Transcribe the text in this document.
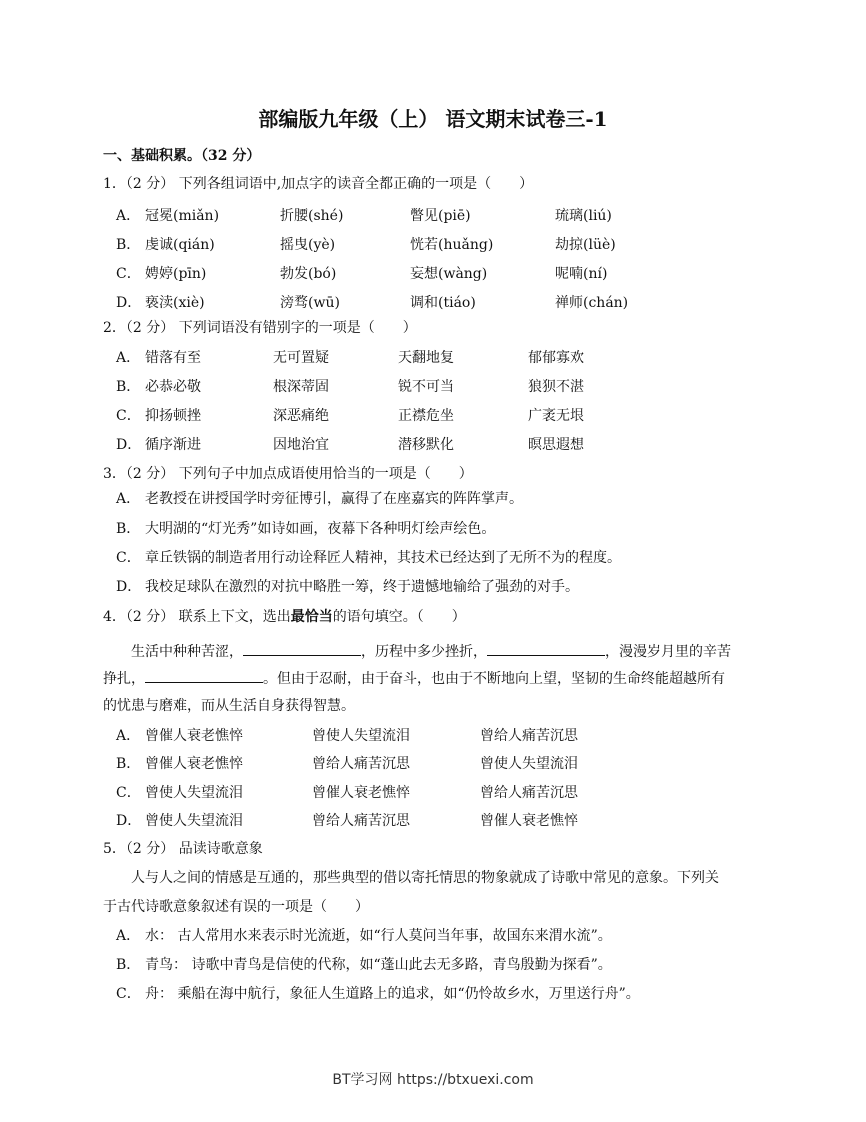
部编版九年级（上） 语文期末试卷三-1
一、基础积累。（32 分）
1．（2 分） 下列各组词语中,加点字的读音全都正确的一项是（　　）
A． 冠冕(miǎn)	折腰(shé)	瞥见(piē)	琉璃(liú)
B． 虔诚(qián)	摇曳(yè)	恍若(huǎng)	劫掠(lüè)
C． 娉婷(pīn)	勃发(bó)	妄想(wàng)	呢喃(ní)
D． 亵渎(xiè)	滂骛(wū)	调和(tiáo)	禅师(chán)
2．（2 分） 下列词语没有错别字的一项是（　　）
A． 错落有至	无可置疑	天翻地复	郁郁寡欢
B． 必恭必敬	根深蒂固	锐不可当	狼狈不湛
C． 抑扬顿挫	深恶痛绝	正襟危坐	广袤无垠
D． 循序渐进	因地治宜	潜移默化	暝思遐想
3．（2 分） 下列句子中加点成语使用恰当的一项是（　　）
A． 老教授在讲授国学时旁征博引，赢得了在座嘉宾的阵阵掌声。
B． 大明湖的“灯光秀”如诗如画，夜幕下各种明灯绘声绘色。
C． 章丘铁锅的制造者用行动诠释匠人精神，其技术已经达到了无所不为的程度。
D． 我校足球队在激烈的对抗中略胜一筹，终于遗憾地输给了强劲的对手。
4．（2 分） 联系上下文，选出最恰当的语句填空。（　　）
生活中种种苦涩，	，历程中多少挫折，	，漫漫岁月里的辛苦
挣扎，	。但由于忍耐，由于奋斗，也由于不断地向上望，坚韧的生命终能超越所有
的忧患与磨难，而从生活自身获得智慧。
A． 曾催人衰老憔悴	曾使人失望流泪	曾给人痛苦沉思
B． 曾催人衰老憔悴	曾给人痛苦沉思	曾使人失望流泪
C． 曾使人失望流泪	曾催人衰老憔悴	曾给人痛苦沉思
D． 曾使人失望流泪	曾给人痛苦沉思	曾催人衰老憔悴
5．（2 分） 品读诗歌意象
人与人之间的情感是互通的，那些典型的借以寄托情思的物象就成了诗歌中常见的意象。下列关
于古代诗歌意象叙述有误的一项是（　　）
A． 水： 古人常用水来表示时光流逝，如“行人莫问当年事，故国东来渭水流”。
B． 青鸟： 诗歌中青鸟是信使的代称，如“蓬山此去无多路，青鸟殷勤为探看”。
C． 舟： 乘船在海中航行，象征人生道路上的追求，如“仍怜故乡水，万里送行舟”。
BT学习网 https://btxuexi.com
